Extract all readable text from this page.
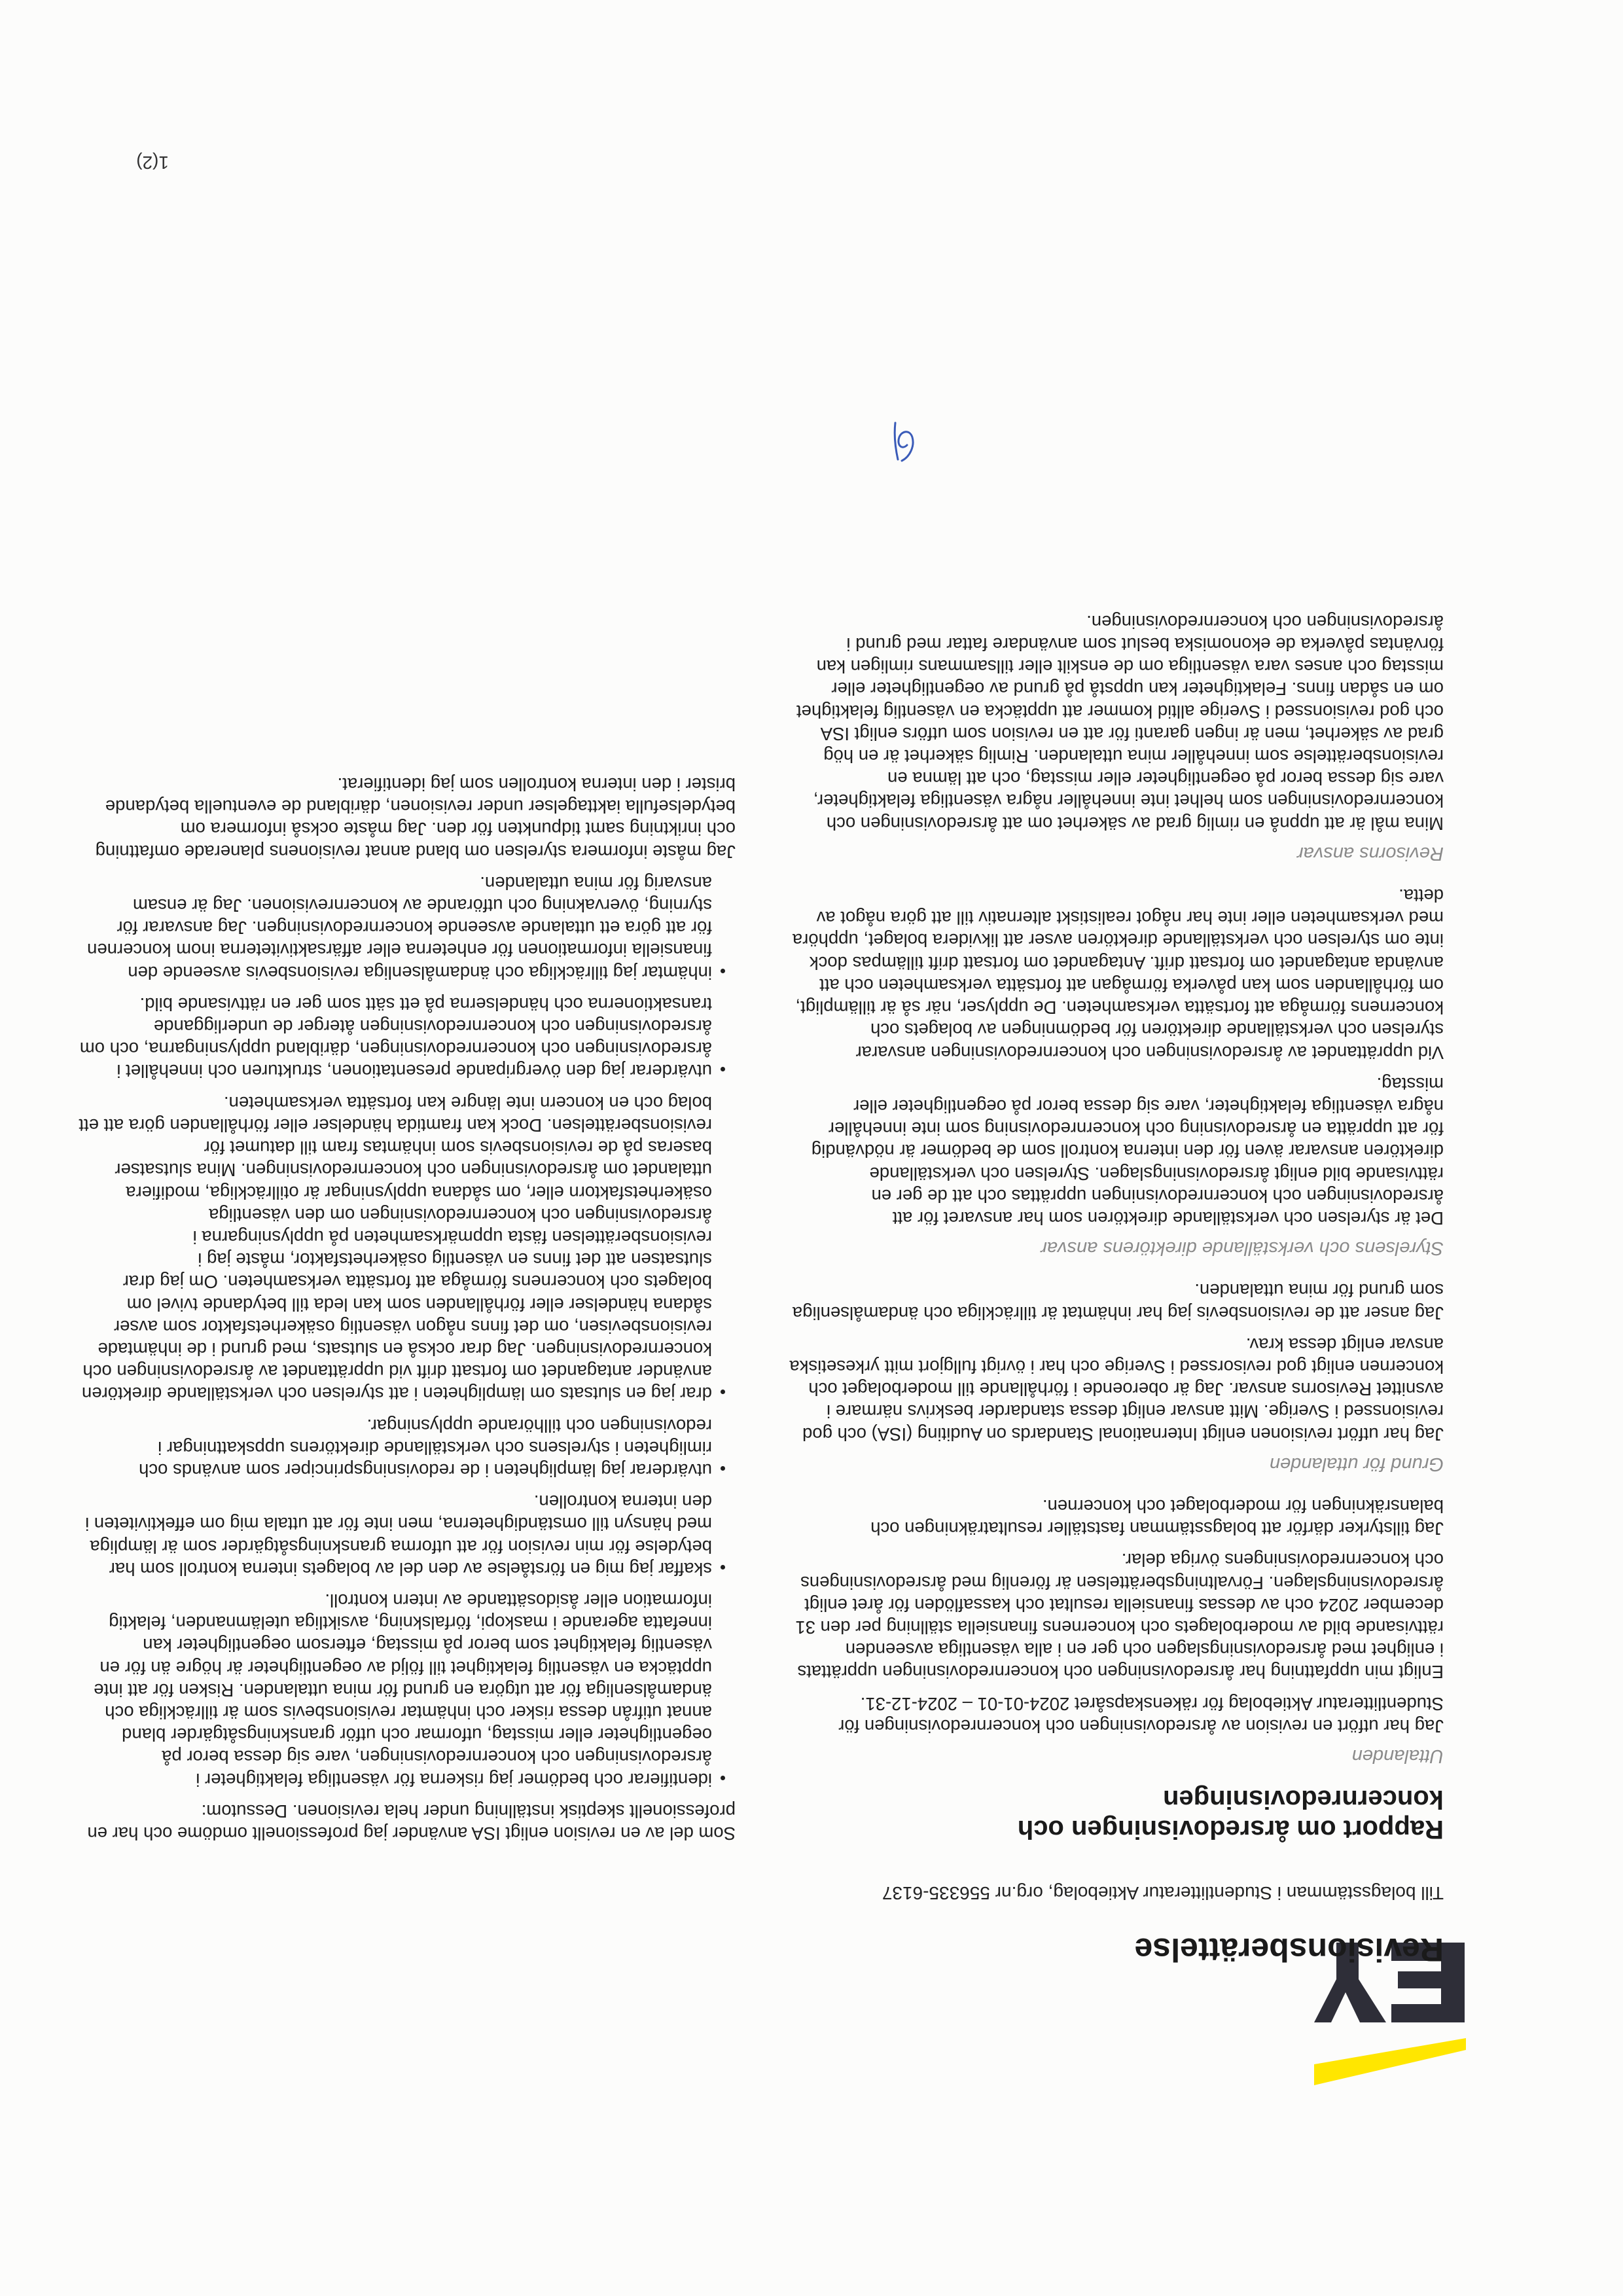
Revisionsberättelse

Till bolagsstämman i Studentlitteratur Aktiebolag, org.nr 556335-6137

Rapport om årsredovisningen och koncernredovisningen
Uttalanden

Jag har utfört en revision av årsredovisningen och koncernredovisningen för Studentlitteratur Aktiebolag för räkenskapsåret 2024-01-01 – 2024-12-31.

Enligt min uppfattning har årsredovisningen och koncernredovisningen upprättats i enlighet med årsredovisningslagen och ger en i alla väsentliga avseenden rättvisande bild av moderbolagets och koncernens finansiella ställning per den 31 december 2024 och av dessas finansiella resultat och kassaflöden för året enligt årsredovisningslagen. Förvaltningsberättelsen är förenlig med årsredovisningens och koncernredovisningens övriga delar.

Jag tillstyrker därför att bolagsstämman fastställer resultaträkningen och balansräkningen för moderbolaget och koncernen.

Grund för uttalanden

Jag har utfört revisionen enligt International Standards on Auditing (ISA) och god revisionssed i Sverige. Mitt ansvar enligt dessa standarder beskrivs närmare i avsnittet Revisorns ansvar. Jag är oberoende i förhållande till moderbolaget och koncernen enligt god revisorssed i Sverige och har i övrigt fullgjort mitt yrkesetiska ansvar enligt dessa krav.

Jag anser att de revisionsbevis jag har inhämtat är tillräckliga och ändamålsenliga som grund för mina uttalanden.

Styrelsens och verkställande direktörens ansvar

Det är styrelsen och verkställande direktören som har ansvaret för att årsredovisningen och koncernredovisningen upprättas och att de ger en rättvisande bild enligt årsredovisningslagen. Styrelsen och verkställande direktören ansvarar även för den interna kontroll som de bedömer är nödvändig för att upprätta en årsredovisning och koncernredovisning som inte innehåller några väsentliga felaktigheter, vare sig dessa beror på oegentligheter eller misstag.

Vid upprättandet av årsredovisningen och koncernredovisningen ansvarar styrelsen och verkställande direktören för bedömningen av bolagets och koncernens förmåga att fortsätta verksamheten. De upplyser, när så är tillämpligt, om förhållanden som kan påverka förmågan att fortsätta verksamheten och att använda antagandet om fortsatt drift. Antagandet om fortsatt drift tillämpas dock inte om styrelsen och verkställande direktören avser att likvidera bolaget, upphöra med verksamheten eller inte har något realistiskt alternativ till att göra något av detta.

Revisorns ansvar

Mina mål är att uppnå en rimlig grad av säkerhet om att årsredovisningen och koncernredovisningen som helhet inte innehåller några väsentliga felaktigheter, vare sig dessa beror på oegentligheter eller misstag, och att lämna en revisionsberättelse som innehåller mina uttalanden. Rimlig säkerhet är en hög grad av säkerhet, men är ingen garanti för att en revision som utförs enligt ISA och god revisionssed i Sverige alltid kommer att upptäcka en väsentlig felaktighet om en sådan finns. Felaktigheter kan uppstå på grund av oegentligheter eller misstag och anses vara väsentliga om de enskilt eller tillsammans rimligen kan förväntas påverka de ekonomiska beslut som användare fattar med grund i årsredovisningen och koncernredovisningen.

Som del av en revision enligt ISA använder jag professionellt omdöme och har en professionellt skeptisk inställning under hela revisionen. Dessutom:

• identifierar och bedömer jag riskerna för väsentliga felaktigheter i årsredovisningen och koncernredovisningen, vare sig dessa beror på oegentligheter eller misstag, utformar och utför granskningsåtgärder bland annat utifrån dessa risker och inhämtar revisionsbevis som är tillräckliga och ändamålsenliga för att utgöra en grund för mina uttalanden. Risken för att inte upptäcka en väsentlig felaktighet till följd av oegentligheter är högre än för en väsentlig felaktighet som beror på misstag, eftersom oegentligheter kan innefatta agerande i maskopi, förfalskning, avsiktliga utelämnanden, felaktig information eller åsidosättande av intern kontroll.
• skaffar jag mig en förståelse av den del av bolagets interna kontroll som har betydelse för min revision för att utforma granskningsåtgärder som är lämpliga med hänsyn till omständigheterna, men inte för att uttala mig om effektiviteten i den interna kontrollen.
• utvärderar jag lämpligheten i de redovisningsprinciper som används och rimligheten i styrelsens och verkställande direktörens uppskattningar i redovisningen och tillhörande upplysningar.
• drar jag en slutsats om lämpligheten i att styrelsen och verkställande direktören använder antagandet om fortsatt drift vid upprättandet av årsredovisningen och koncernredovisningen. Jag drar också en slutsats, med grund i de inhämtade revisionsbevisen, om det finns någon väsentlig osäkerhetsfaktor som avser sådana händelser eller förhållanden som kan leda till betydande tvivel om bolagets och koncernens förmåga att fortsätta verksamheten. Om jag drar slutsatsen att det finns en väsentlig osäkerhetsfaktor, måste jag i revisionsberättelsen fästa uppmärksamheten på upplysningarna i årsredovisningen och koncernredovisningen om den väsentliga osäkerhetsfaktorn eller, om sådana upplysningar är otillräckliga, modifiera uttalandet om årsredovisningen och koncernredovisningen. Mina slutsatser baseras på de revisionsbevis som inhämtas fram till datumet för revisionsberättelsen. Dock kan framtida händelser eller förhållanden göra att ett bolag och en koncern inte längre kan fortsätta verksamheten.
• utvärderar jag den övergripande presentationen, strukturen och innehållet i årsredovisningen och koncernredovisningen, däribland upplysningarna, och om årsredovisningen och koncernredovisningen återger de underliggande transaktionerna och händelserna på ett sätt som ger en rättvisande bild.
• inhämtar jag tillräckliga och ändamålsenliga revisionsbevis avseende den finansiella informationen för enheterna eller affärsaktiviteterna inom koncernen för att göra ett uttalande avseende koncernredovisningen. Jag ansvarar för styrning, övervakning och utförande av koncernrevisionen. Jag är ensam ansvarig för mina uttalanden.

Jag måste informera styrelsen om bland annat revisionens planerade omfattning och inriktning samt tidpunkten för den. Jag måste också informera om betydelsefulla iakttagelser under revisionen, däribland de eventuella betydande brister i den interna kontrollen som jag identifierat.

1(2)
